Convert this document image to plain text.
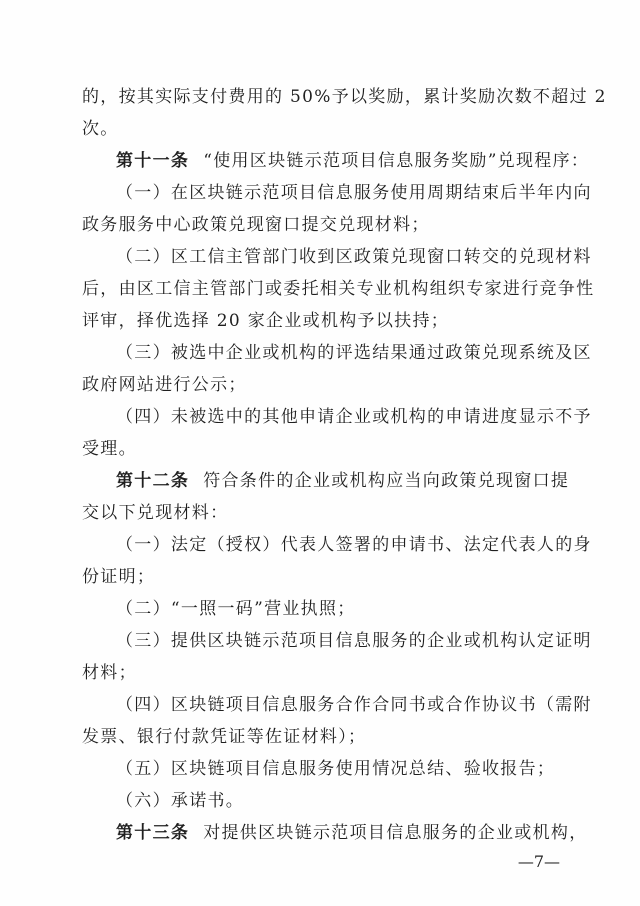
的，按其实际支付费用的 50%予以奖励，累计奖励次数不超过 2
次。
第十一条 “使用区块链示范项目信息服务奖励”兑现程序：
（一）在区块链示范项目信息服务使用周期结束后半年内向
政务服务中心政策兑现窗口提交兑现材料；
（二）区工信主管部门收到区政策兑现窗口转交的兑现材料
后，由区工信主管部门或委托相关专业机构组织专家进行竞争性
评审，择优选择 20 家企业或机构予以扶持；
（三）被选中企业或机构的评选结果通过政策兑现系统及区
政府网站进行公示；
（四）未被选中的其他申请企业或机构的申请进度显示不予
受理。
第十二条 符合条件的企业或机构应当向政策兑现窗口提
交以下兑现材料：
（一）法定（授权）代表人签署的申请书、法定代表人的身
份证明；
（二）“一照一码”营业执照；
（三）提供区块链示范项目信息服务的企业或机构认定证明
材料；
（四）区块链项目信息服务合作合同书或合作协议书（需附
发票、银行付款凭证等佐证材料）；
（五）区块链项目信息服务使用情况总结、验收报告；
（六）承诺书。
第十三条 对提供区块链示范项目信息服务的企业或机构，
—7—
